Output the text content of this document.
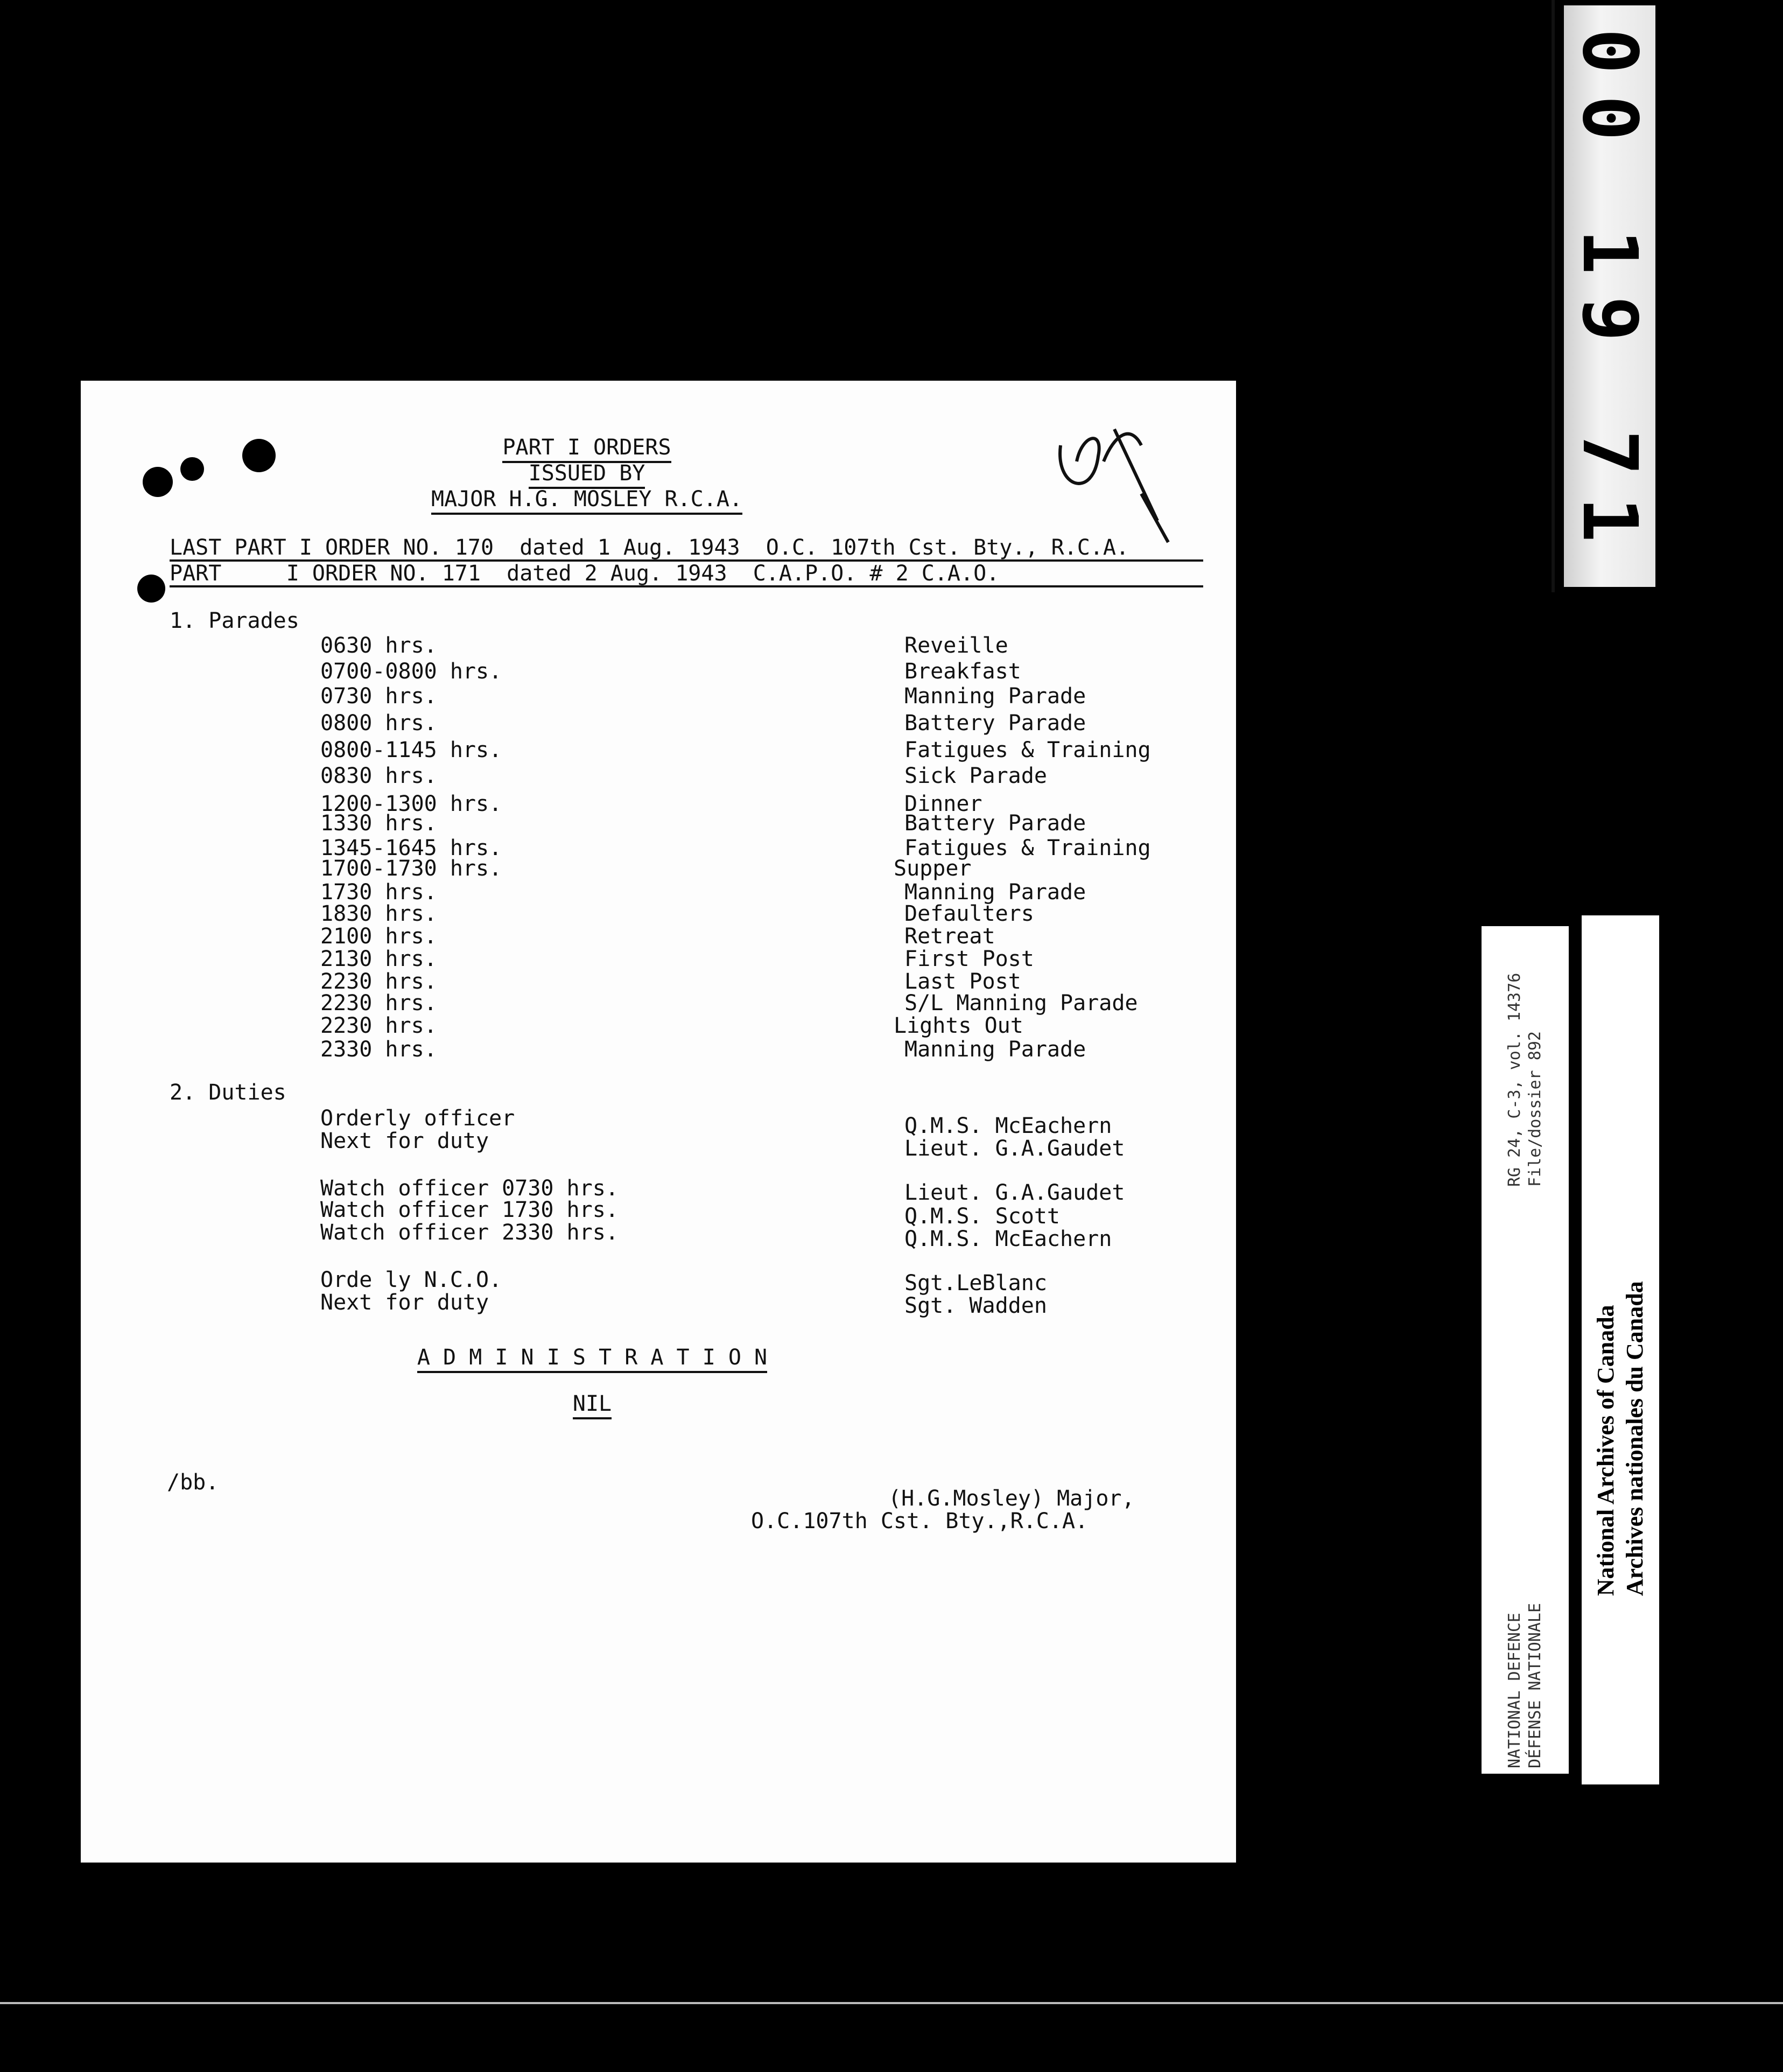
00 19 71
NATIONAL DEFENCE
RG 24, C-3, vol. 14376
DÉFENSE NATIONALE
File/dossier 892
National Archives of Canada Archives nationales du Canada
PART I ORDERS
ISSUED BY
MAJOR H.G. MOSLEY R.C.A.
LAST PART I ORDER NO. 170  dated 1 Aug. 1943  O.C. 107th Cst. Bty., R.C.A.
PART     I ORDER NO. 171  dated 2 Aug. 1943  C.A.P.O. # 2 C.A.O.
1. Parades
0630 hrs.	Reveille
0700-0800 hrs.	Breakfast
0730 hrs.	Manning Parade
0800 hrs.	Battery Parade
0800-1145 hrs.	Fatigues & Training
0830 hrs.	Sick Parade
1200-1300 hrs.	Dinner
1330 hrs.	Battery Parade
1345-1645 hrs.	Fatigues & Training
1700-1730 hrs.	Supper
1730 hrs.	Manning Parade
1830 hrs.	Defaulters
2100 hrs.	Retreat
2130 hrs.	First Post
2230 hrs.	Last Post
2230 hrs.	S/L Manning Parade
2230 hrs.	Lights Out
2330 hrs.	Manning Parade
2. Duties
Orderly officer	Q.M.S. McEachern
Next for duty	Lieut. G.A.Gaudet
Watch officer 0730 hrs.	Lieut. G.A.Gaudet
Watch officer 1730 hrs.	Q.M.S. Scott
Watch officer 2330 hrs.	Q.M.S. McEachern
Orde ly N.C.O.	Sgt.LeBlanc
Next for duty	Sgt. Wadden
A D M I N I S T R A T I O N
NIL
/bb.
(H.G.Mosley) Major,
O.C.107th Cst. Bty.,R.C.A.
